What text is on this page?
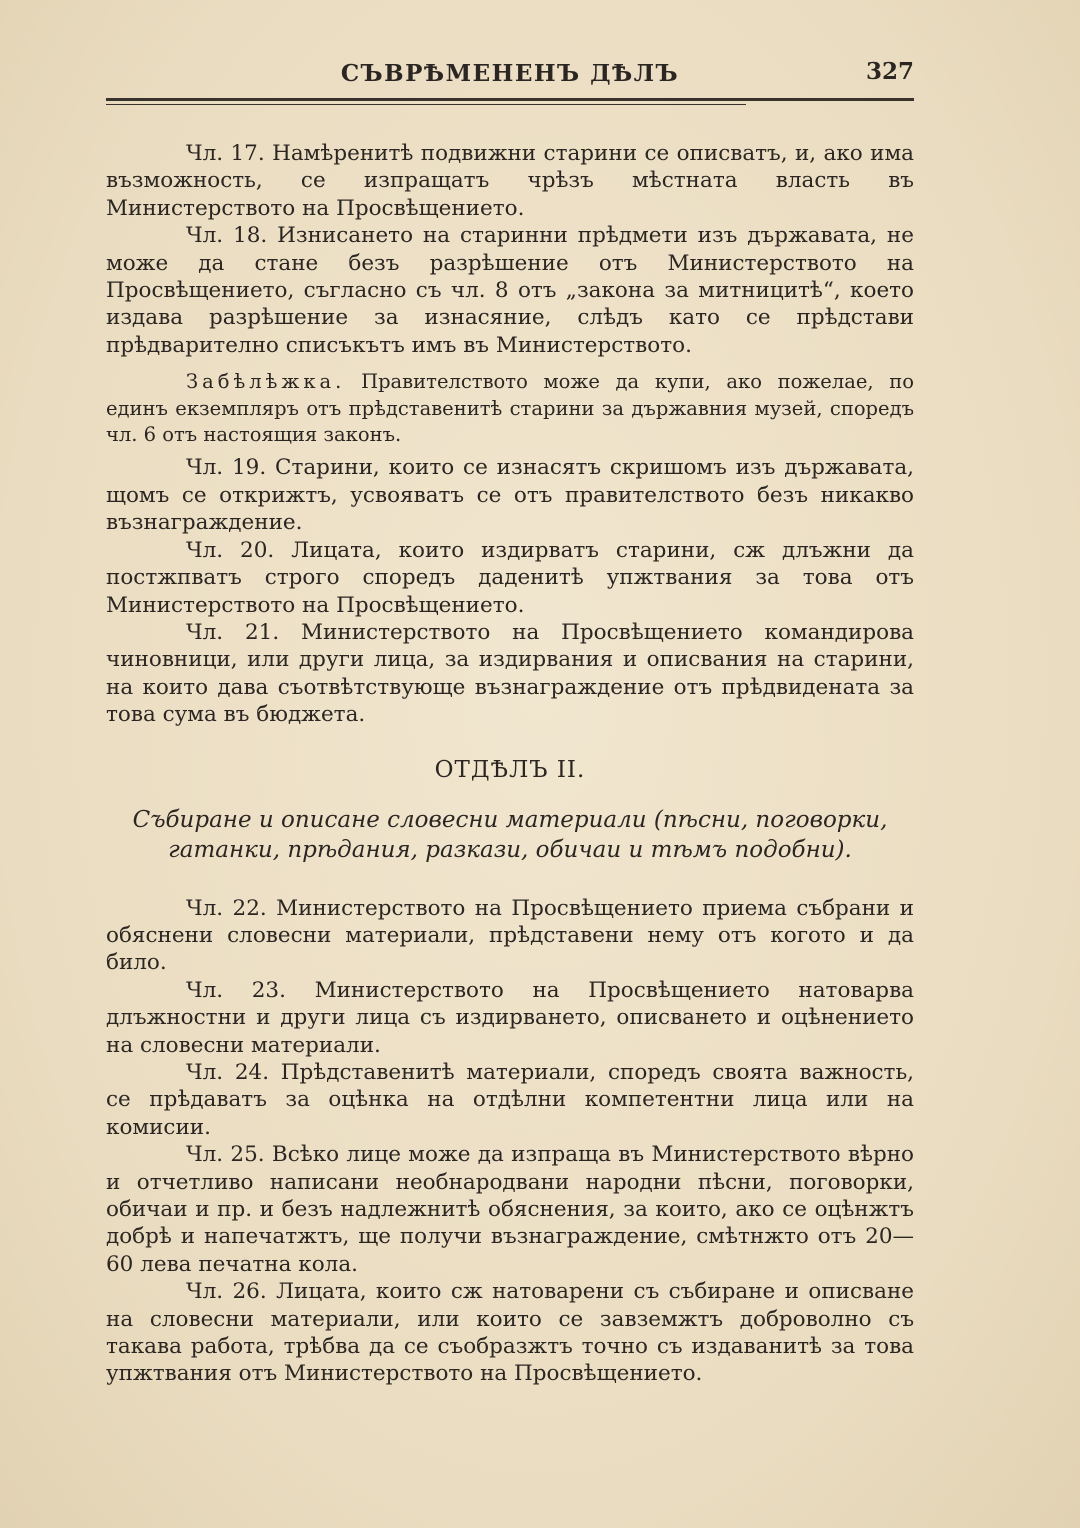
СЪВРѢМЕНЕНЪ ДѢЛЪ	327

Чл. 17. Намѣренитѣ подвижни старини се описватъ, и, ако има възможность, се изпращатъ чрѣзъ мѣстната власть въ Министерството на Просвѣщението.

Чл. 18. Изнисането на старинни прѣдмети изъ държавата, не може да стане безъ разрѣшение отъ Министерството на Просвѣщението, съгласно съ чл. 8 отъ „закона за митницитѣ“, което издава разрѣшение за изнасяние, слѣдъ като се прѣдстави прѣдварително списъкътъ имъ въ Министерството.

Забѣлѣжка. Правителството може да купи, ако пожелае, по единъ екземпляръ отъ прѣдставенитѣ старини за държавния музей, споредъ чл. 6 отъ настоящия законъ.

Чл. 19. Старини, които се изнасятъ скришомъ изъ държавата, щомъ се открижтъ, усвояватъ се отъ правителството безъ никакво възнаграждение.

Чл. 20. Лицата, които издирватъ старини, сж длъжни да постжпватъ строго споредъ даденитѣ упжтвания за това отъ Министерството на Просвѣщението.

Чл. 21. Министерството на Просвѣщението командирова чиновници, или други лица, за издирвания и описвания на старини, на които дава съотвѣтствующе възнаграждение отъ прѣдвиденaта за това сума въ бюджета.

ОТДѢЛЪ II.
Събиране и описане словесни материали (пѣсни, поговорки, гатанки, прѣдания, разкази, обичаи и тѣмъ подобни).

Чл. 22. Министерството на Просвѣщението приема събрани и обяснени словесни материали, прѣдставени нему отъ когото и да било.

Чл. 23. Министерството на Просвѣщението натоварва длъжностни и други лица съ издирването, описването и оцѣнението на словесни материали.

Чл. 24. Прѣдставенитѣ материали, споредъ своята важность, се прѣдаватъ за оцѣнка на отдѣлни компетентни лица или на комисии.

Чл. 25. Всѣко лице може да изпраща въ Министерството вѣрно и отчетливо написани необнародвани народни пѣсни, поговорки, обичаи и пр. и безъ надлежнитѣ обяснения, за които, ако се оцѣнжтъ добрѣ и напечатжтъ, ще получи възнаграждение, смѣтнжто отъ 20—60 лева печатна кола.

Чл. 26. Лицата, които сж натоварени съ събиране и описване на словесни материали, или които се завземжтъ доброволно съ такава работа, трѣбва да се съобразжтъ точно съ издаванитѣ за това упжтвания отъ Министерството на Просвѣщението.
